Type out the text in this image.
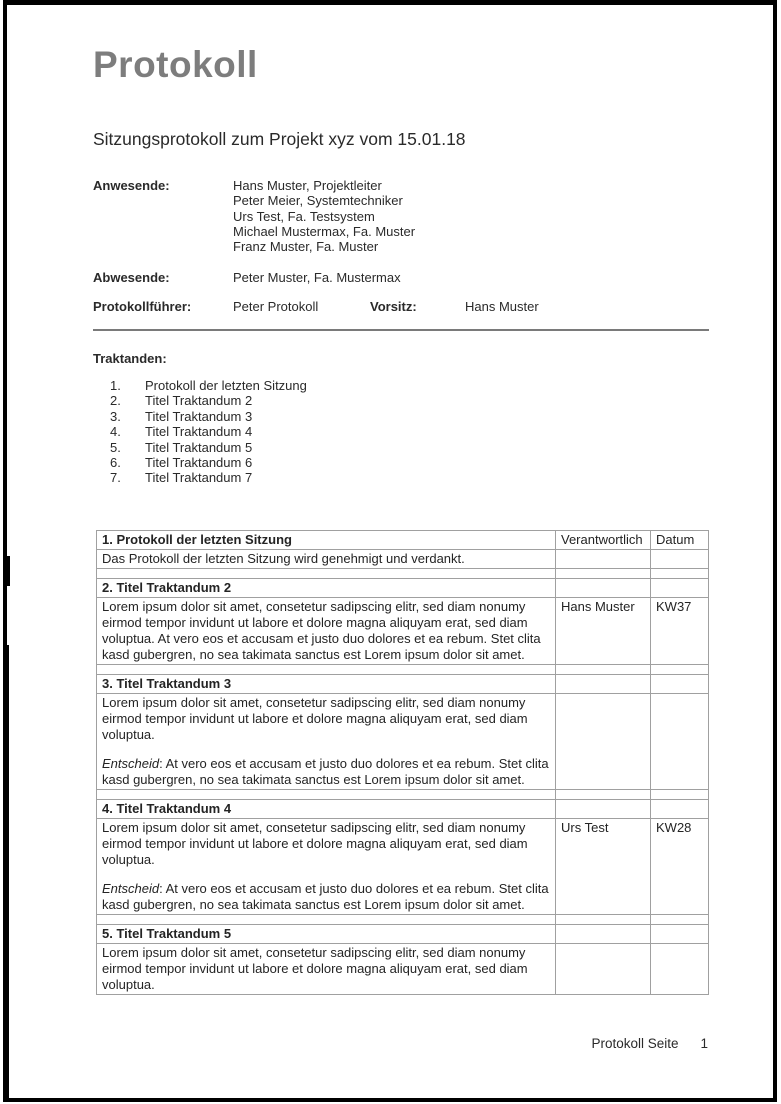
Protokoll
Sitzungsprotokoll zum Projekt xyz vom 15.01.18
Anwesende:	Hans Muster, Projektleiter
Peter Meier, Systemtechniker
Urs Test, Fa. Testsystem
Michael Mustermax, Fa. Muster
Franz Muster, Fa. Muster
Abwesende:	Peter Muster, Fa. Mustermax
Protokollführer:	Peter Protokoll	Vorsitz:	Hans Muster
Traktanden:
1.	Protokoll der letzten Sitzung
2.	Titel Traktandum 2
3.	Titel Traktandum 3
4.	Titel Traktandum 4
5.	Titel Traktandum 5
6.	Titel Traktandum 6
7.	Titel Traktandum 7
1. Protokoll der letzten Sitzung	Verantwortlich	Datum
Das Protokoll der letzten Sitzung wird genehmigt und verdankt.		

2. Titel Traktandum 2		
Lorem ipsum dolor sit amet, consetetur sadipscing elitr, sed diam nonumy eirmod tempor invidunt ut labore et dolore magna aliquyam erat, sed diam voluptua. At vero eos et accusam et justo duo dolores et ea rebum. Stet clita kasd gubergren, no sea takimata sanctus est Lorem ipsum dolor sit amet.	Hans Muster	KW37

3. Titel Traktandum 3		

Lorem ipsum dolor sit amet, consetetur sadipscing elitr, sed diam nonumy eirmod tempor invidunt ut labore et dolore magna aliquyam erat, sed diam voluptua.

Entscheid: At vero eos et accusam et justo duo dolores et ea rebum. Stet clita kasd gubergren, no sea takimata sanctus est Lorem ipsum dolor sit amet.		

4. Titel Traktandum 4		

Lorem ipsum dolor sit amet, consetetur sadipscing elitr, sed diam nonumy eirmod tempor invidunt ut labore et dolore magna aliquyam erat, sed diam voluptua.

Entscheid: At vero eos et accusam et justo duo dolores et ea rebum. Stet clita kasd gubergren, no sea takimata sanctus est Lorem ipsum dolor sit amet.	Urs Test	KW28

5. Titel Traktandum 5		
Lorem ipsum dolor sit amet, consetetur sadipscing elitr, sed diam nonumy eirmod tempor invidunt ut labore et dolore magna aliquyam erat, sed diam voluptua.		
Protokoll Seite 1
